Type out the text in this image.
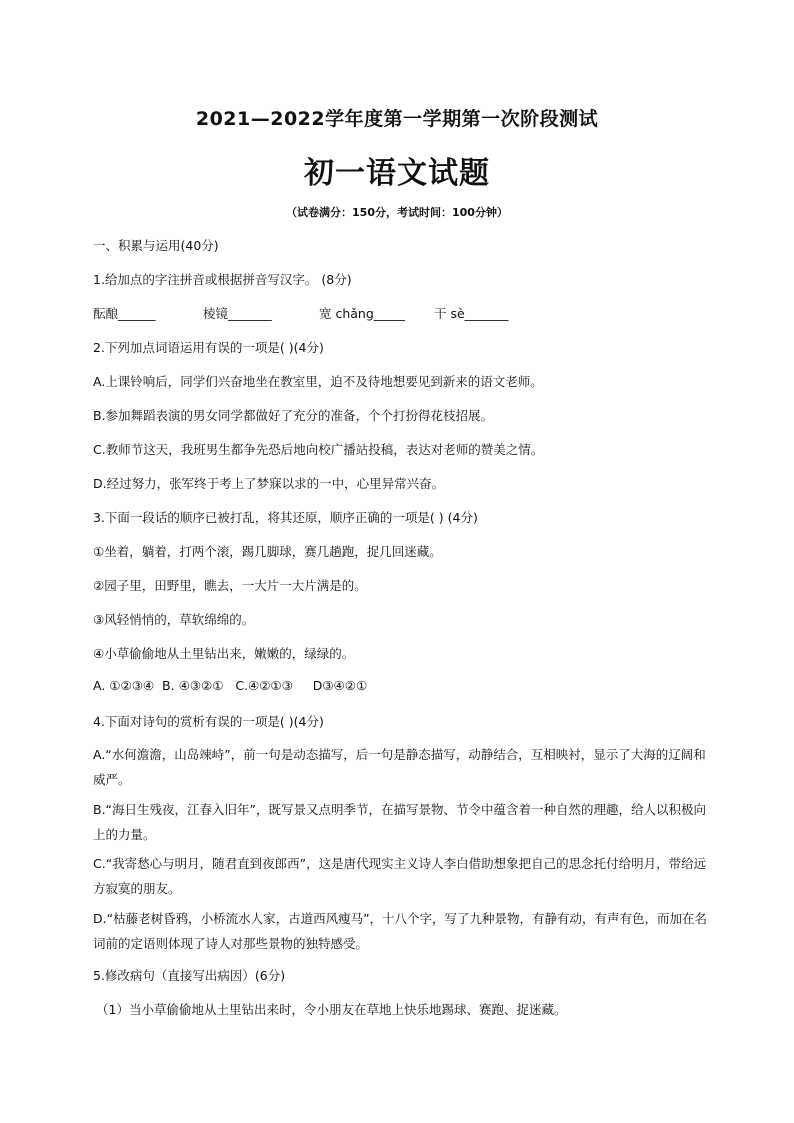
2021—2022学年度第一学期第一次阶段测试
初一语文试题
（试卷满分：150分，考试时间：100分钟）
一、积累与运用(40分)
1.给加点的字注拼音或根据拼音写汉字。 (8分)
酝酿______	棱镜_______	宽 chǎng_____ 干 sè_______
2.下列加点词语运用有误的一项是( )(4分)
A.上课铃响后，同学们兴奋地坐在教室里，迫不及待地想要见到新来的语文老师。
B.参加舞蹈表演的男女同学都做好了充分的准备，个个打扮得花枝招展。
C.教师节这天，我班男生都争先恐后地向校广播站投稿，表达对老师的赞美之情。
D.经过努力，张军终于考上了梦寐以求的一中，心里异常兴奋。
3.下面一段话的顺序已被打乱，将其还原，顺序正确的一项是( ) (4分)
①坐着，躺着，打两个滚，踢几脚球，赛几趟跑，捉几回迷藏。
②园子里，田野里，瞧去，一大片一大片满是的。
③风轻悄悄的，草软绵绵的。
④小草偷偷地从土里钻出来，嫩嫩的，绿绿的。
A. ①②③④  B. ④③②①   C.④②①③     D③④②①
4.下面对诗句的赏析有误的一项是( )(4分)
A.“水何澹澹，山岛竦峙”，前一句是动态描写，后一句是静态描写，动静结合，互相映衬，显示了大海的辽阔和威严。
B.“海日生残夜，江春入旧年”，既写景又点明季节，在描写景物、节令中蕴含着一种自然的理趣，给人以积极向上的力量。
C.“我寄愁心与明月，随君直到夜郎西”，这是唐代现实主义诗人李白借助想象把自己的思念托付给明月，带给远方寂寞的朋友。
D.“枯藤老树昏鸦，小桥流水人家，古道西风瘦马”，十八个字，写了九种景物，有静有动，有声有色，而加在名词前的定语则体现了诗人对那些景物的独特感受。
5.修改病句（直接写出病因）(6分)
（1）当小草偷偷地从土里钻出来时，令小朋友在草地上快乐地踢球、赛跑、捉迷藏。
